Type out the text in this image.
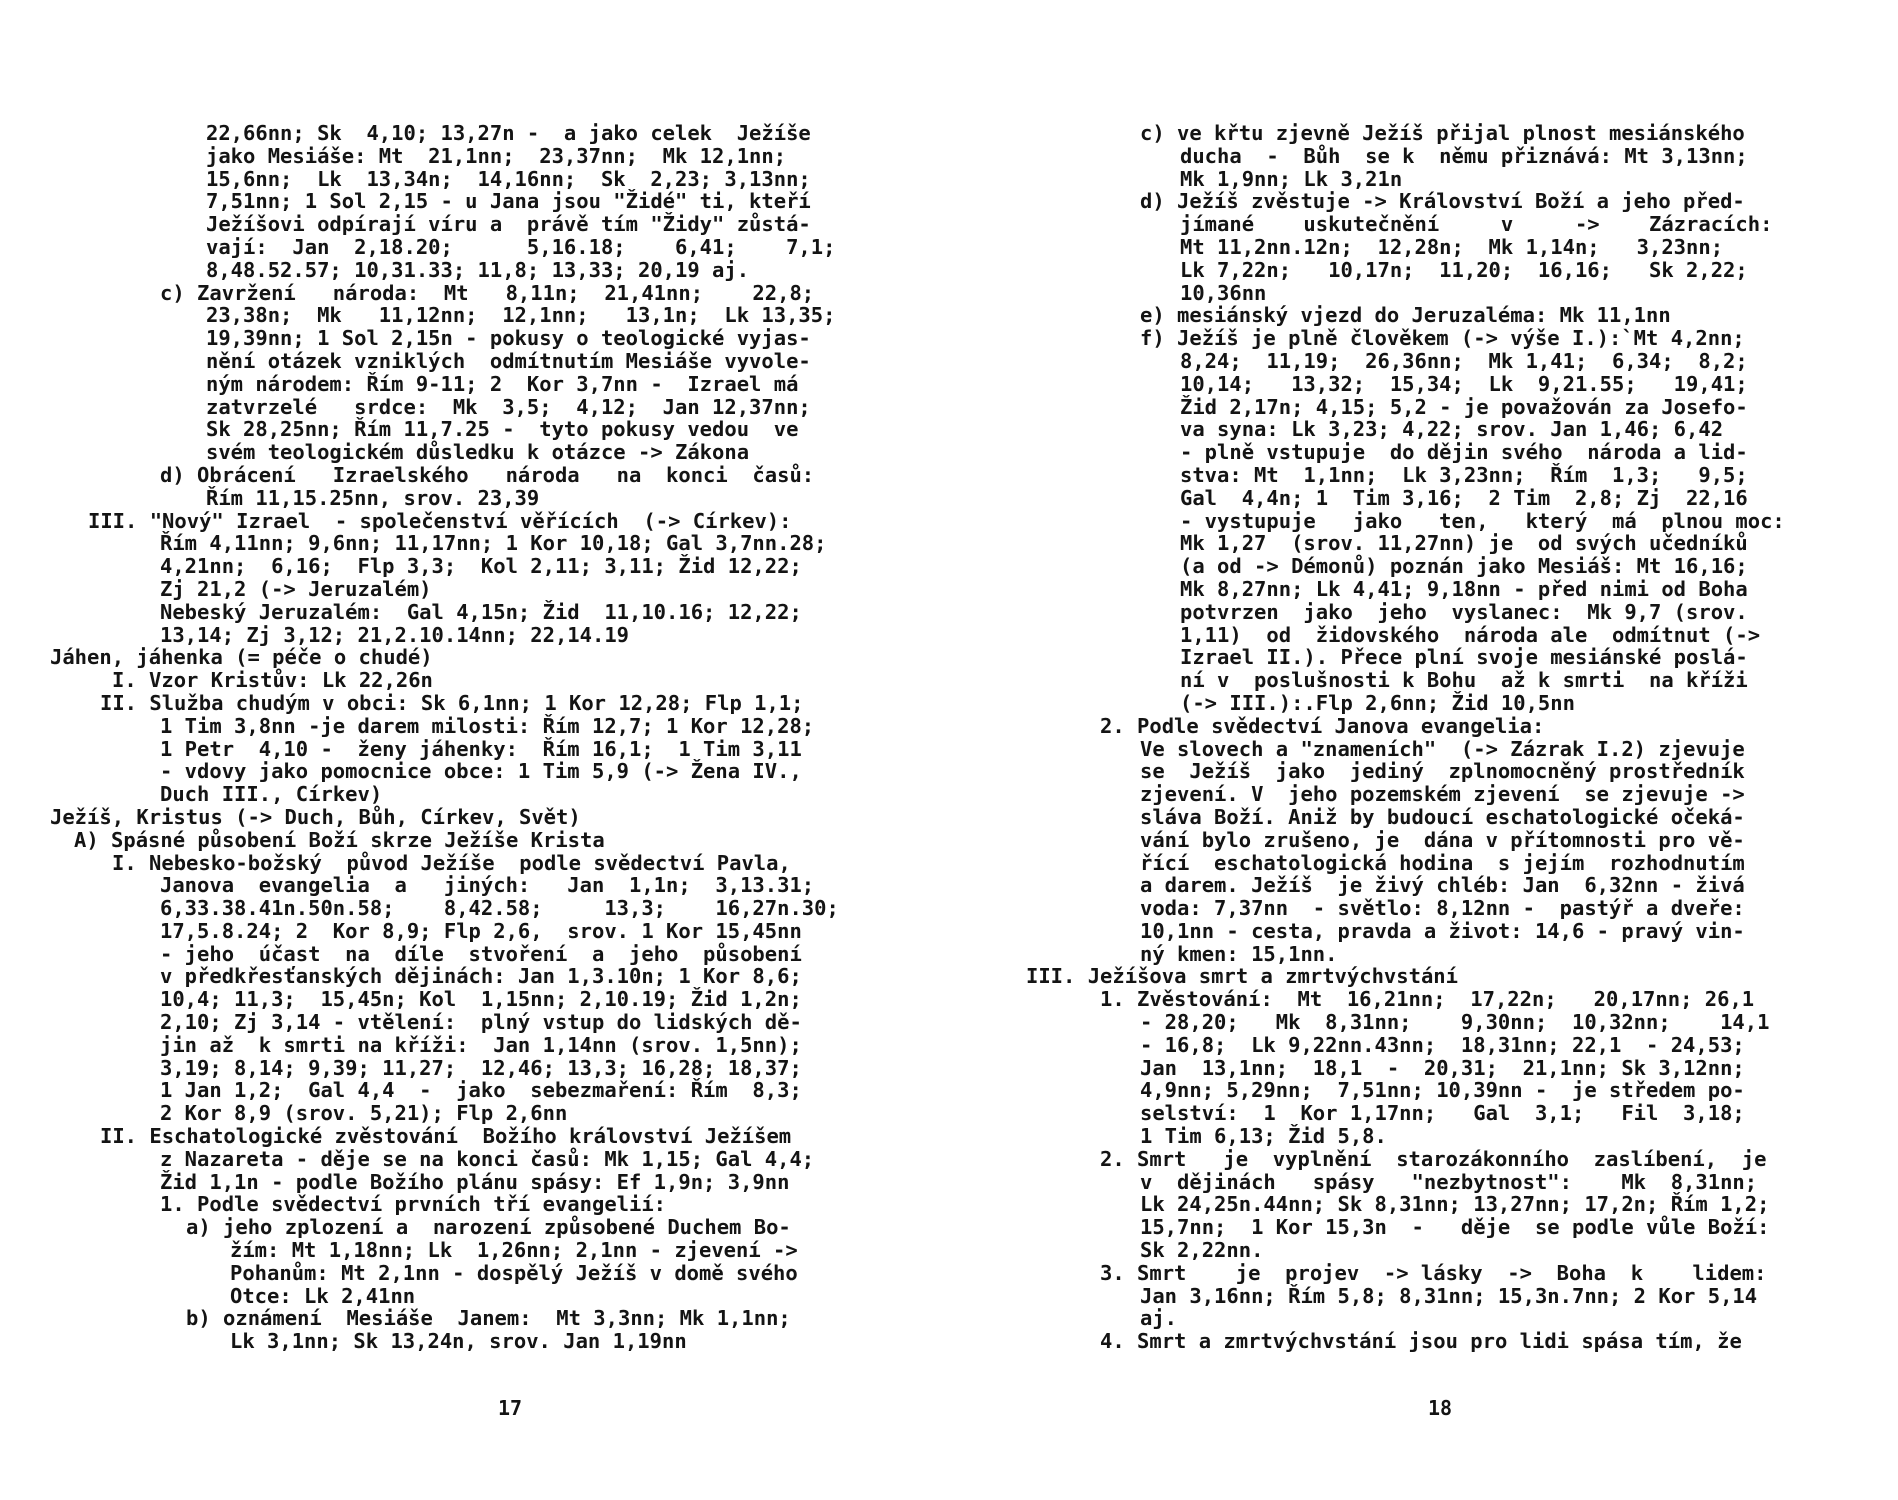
22,66nn; Sk  4,10; 13,27n -  a jako celek  Ježíše
jako Mesiáše: Mt  21,1nn;  23,37nn;  Mk 12,1nn;
15,6nn;  Lk  13,34n;  14,16nn;  Sk  2,23; 3,13nn;
7,51nn; 1 Sol 2,15 - u Jana jsou "Židé" ti, kteří
Ježíšovi odpírají víru a  právě tím "Židy" zůstá-
vají:  Jan  2,18.20;      5,16.18;    6,41;    7,1;
8,48.52.57; 10,31.33; 11,8; 13,33; 20,19 aj.
c) Zavržení   národa:  Mt   8,11n;  21,41nn;    22,8;
23,38n;  Mk   11,12nn;  12,1nn;   13,1n;  Lk 13,35;
19,39nn; 1 Sol 2,15n - pokusy o teologické vyjas-
nění otázek vzniklých  odmítnutím Mesiáše vyvole-
ným národem: Řím 9-11; 2  Kor 3,7nn -  Izrael má
zatvrzelé   srdce:  Mk  3,5;  4,12;  Jan 12,37nn;
Sk 28,25nn; Řím 11,7.25 -  tyto pokusy vedou  ve
svém teologickém důsledku k otázce -> Zákona
d) Obrácení   Izraelského   národa   na  konci  časů:
Řím 11,15.25nn, srov. 23,39
III. "Nový" Izrael  - společenství věřících  (-> Církev):
Řím 4,11nn; 9,6nn; 11,17nn; 1 Kor 10,18; Gal 3,7nn.28;
4,21nn;  6,16;  Flp 3,3;  Kol 2,11; 3,11; Žid 12,22;
Zj 21,2 (-> Jeruzalém)
Nebeský Jeruzalém:  Gal 4,15n; Žid  11,10.16; 12,22;
13,14; Zj 3,12; 21,2.10.14nn; 22,14.19
Jáhen, jáhenka (= péče o chudé)
I. Vzor Kristův: Lk 22,26n
II. Služba chudým v obci: Sk 6,1nn; 1 Kor 12,28; Flp 1,1;
1 Tim 3,8nn -je darem milosti: Řím 12,7; 1 Kor 12,28;
1 Petr  4,10 -  ženy jáhenky:  Řím 16,1;  1 Tim 3,11
- vdovy jako pomocnice obce: 1 Tim 5,9 (-> Žena IV.,
Duch III., Církev)
Ježíš, Kristus (-> Duch, Bůh, Církev, Svět)
A) Spásné působení Boží skrze Ježíše Krista
I. Nebesko-božský  původ Ježíše  podle svědectví Pavla,
Janova  evangelia  a   jiných:   Jan  1,1n;  3,13.31;
6,33.38.41n.50n.58;    8,42.58;     13,3;    16,27n.30;
17,5.8.24; 2  Kor 8,9; Flp 2,6,  srov. 1 Kor 15,45nn
- jeho  účast  na  díle  stvoření  a  jeho  působení
v předkřesťanských dějinách: Jan 1,3.10n; 1 Kor 8,6;
10,4; 11,3;  15,45n; Kol  1,15nn; 2,10.19; Žid 1,2n;
2,10; Zj 3,14 - vtělení:  plný vstup do lidských dě-
jin až  k smrti na kříži:  Jan 1,14nn (srov. 1,5nn);
3,19; 8,14; 9,39; 11,27;  12,46; 13,3; 16,28; 18,37;
1 Jan 1,2;  Gal 4,4  -  jako  sebezmaření: Řím  8,3;
2 Kor 8,9 (srov. 5,21); Flp 2,6nn
II. Eschatologické zvěstování  Božího království Ježíšem
z Nazareta - děje se na konci časů: Mk 1,15; Gal 4,4;
Žid 1,1n - podle Božího plánu spásy: Ef 1,9n; 3,9nn
1. Podle svědectví prvních tří evangelií:
a) jeho zplození a  narození způsobené Duchem Bo-
žím: Mt 1,18nn; Lk  1,26nn; 2,1nn - zjevení ->
Pohanům: Mt 2,1nn - dospělý Ježíš v domě svého
Otce: Lk 2,41nn
b) oznámení  Mesiáše  Janem:  Mt 3,3nn; Mk 1,1nn;
Lk 3,1nn; Sk 13,24n, srov. Jan 1,19nn
c) ve křtu zjevně Ježíš přijal plnost mesiánského
ducha  -  Bůh  se k  němu přiznává: Mt 3,13nn;
Mk 1,9nn; Lk 3,21n
d) Ježíš zvěstuje -> Království Boží a jeho před-
jímané    uskutečnění     v     ->    Zázracích:
Mt 11,2nn.12n;  12,28n;  Mk 1,14n;   3,23nn;
Lk 7,22n;   10,17n;  11,20;  16,16;   Sk 2,22;
10,36nn
e) mesiánský vjezd do Jeruzaléma: Mk 11,1nn
f) Ježíš je plně člověkem (-> výše I.):`Mt 4,2nn;
8,24;  11,19;  26,36nn;  Mk 1,41;  6,34;  8,2;
10,14;   13,32;  15,34;  Lk  9,21.55;   19,41;
Žid 2,17n; 4,15; 5,2 - je považován za Josefo-
va syna: Lk 3,23; 4,22; srov. Jan 1,46; 6,42
- plně vstupuje  do dějin svého  národa a lid-
stva: Mt  1,1nn;  Lk 3,23nn;  Řím  1,3;   9,5;
Gal  4,4n; 1  Tim 3,16;  2 Tim  2,8; Zj  22,16
- vystupuje   jako   ten,   který  má  plnou moc:
Mk 1,27  (srov. 11,27nn) je  od svých učedníků
(a od -> Démonů) poznán jako Mesiáš: Mt 16,16;
Mk 8,27nn; Lk 4,41; 9,18nn - před nimi od Boha
potvrzen  jako  jeho  vyslanec:  Mk 9,7 (srov.
1,11)  od  židovského  národa ale  odmítnut (->
Izrael II.). Přece plní svoje mesiánské poslá-
ní v  poslušnosti k Bohu  až k smrti  na kříži
(-> III.):.Flp 2,6nn; Žid 10,5nn
2. Podle svědectví Janova evangelia:
Ve slovech a "znameních"  (-> Zázrak I.2) zjevuje
se  Ježíš  jako  jediný  zplnomocněný prostředník
zjevení. V  jeho pozemském zjevení  se zjevuje ->
sláva Boží. Aniž by budoucí eschatologické očeká-
vání bylo zrušeno, je  dána v přítomnosti pro vě-
řící  eschatologická hodina  s jejím  rozhodnutím
a darem. Ježíš  je živý chléb: Jan  6,32nn - živá
voda: 7,37nn  - světlo: 8,12nn -  pastýř a dveře:
10,1nn - cesta, pravda a život: 14,6 - pravý vin-
ný kmen: 15,1nn.
III. Ježíšova smrt a zmrtvýchvstání
1. Zvěstování:  Mt  16,21nn;  17,22n;   20,17nn; 26,1
- 28,20;   Mk  8,31nn;    9,30nn;  10,32nn;    14,1
- 16,8;  Lk 9,22nn.43nn;  18,31nn; 22,1  - 24,53;
Jan  13,1nn;  18,1  -  20,31;  21,1nn; Sk 3,12nn;
4,9nn; 5,29nn;  7,51nn; 10,39nn -  je středem po-
selství:  1  Kor 1,17nn;   Gal  3,1;   Fil  3,18;
1 Tim 6,13; Žid 5,8.
2. Smrt   je  vyplnění  starozákonního  zaslíbení,  je
v  dějinách   spásy   "nezbytnost":    Mk  8,31nn;
Lk 24,25n.44nn; Sk 8,31nn; 13,27nn; 17,2n; Řím 1,2;
15,7nn;  1 Kor 15,3n  -   děje  se podle vůle Boží:
Sk 2,22nn.
3. Smrt    je  projev  -> lásky  ->  Boha  k    lidem:
Jan 3,16nn; Řím 5,8; 8,31nn; 15,3n.7nn; 2 Kor 5,14
aj.
4. Smrt a zmrtvýchvstání jsou pro lidi spása tím, že
17	18
